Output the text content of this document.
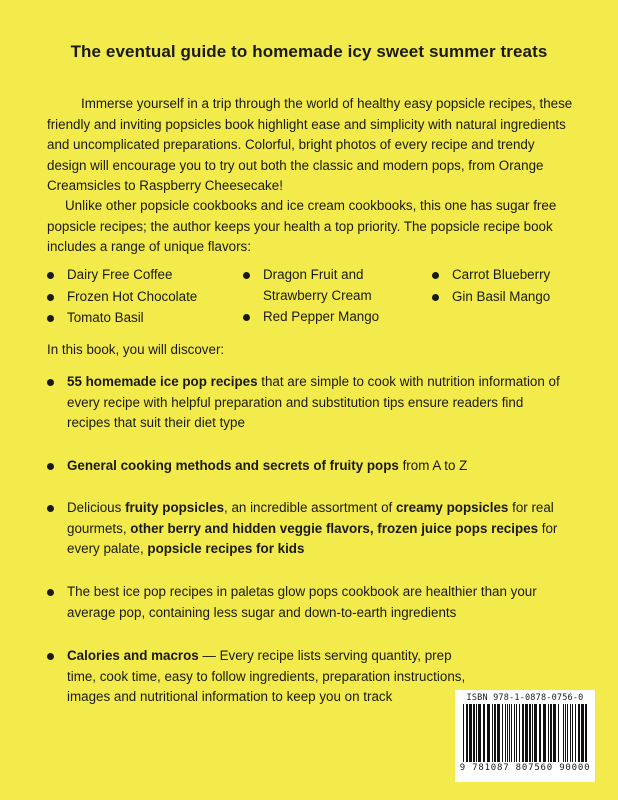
The eventual guide to homemade icy sweet summer treats
Immerse yourself in a trip through the world of healthy easy popsicle recipes, these friendly and inviting popsicles book highlight ease and simplicity with natural ingredients and uncomplicated preparations. Colorful, bright photos of every recipe and trendy design will encourage you to try out both the classic and modern pops, from Orange Creamsicles to Raspberry Cheesecake!
Unlike other popsicle cookbooks and ice cream cookbooks, this one has sugar free popsicle recipes; the author keeps your health a top priority. The popsicle recipe book includes a range of unique flavors:
Dairy Free Coffee
Frozen Hot Chocolate
Tomato Basil
Dragon Fruit and Strawberry Cream
Red Pepper Mango
Carrot Blueberry
Gin Basil Mango
In this book, you will discover:
55 homemade ice pop recipes that are simple to cook with nutrition information of every recipe with helpful preparation and substitution tips ensure readers find recipes that suit their diet type
General cooking methods and secrets of fruity pops from A to Z
Delicious fruity popsicles, an incredible assortment of creamy popsicles for real gourmets, other berry and hidden veggie flavors, frozen juice pops recipes for every palate, popsicle recipes for kids
The best ice pop recipes in paletas glow pops cookbook are healthier than your average pop, containing less sugar and down-to-earth ingredients
Calories and macros — Every recipe lists serving quantity, prep time, cook time, easy to follow ingredients, preparation instructions, images and nutritional information to keep you on track	ISBN 978-1-0878-0756-0
9 781087 807560 90000
